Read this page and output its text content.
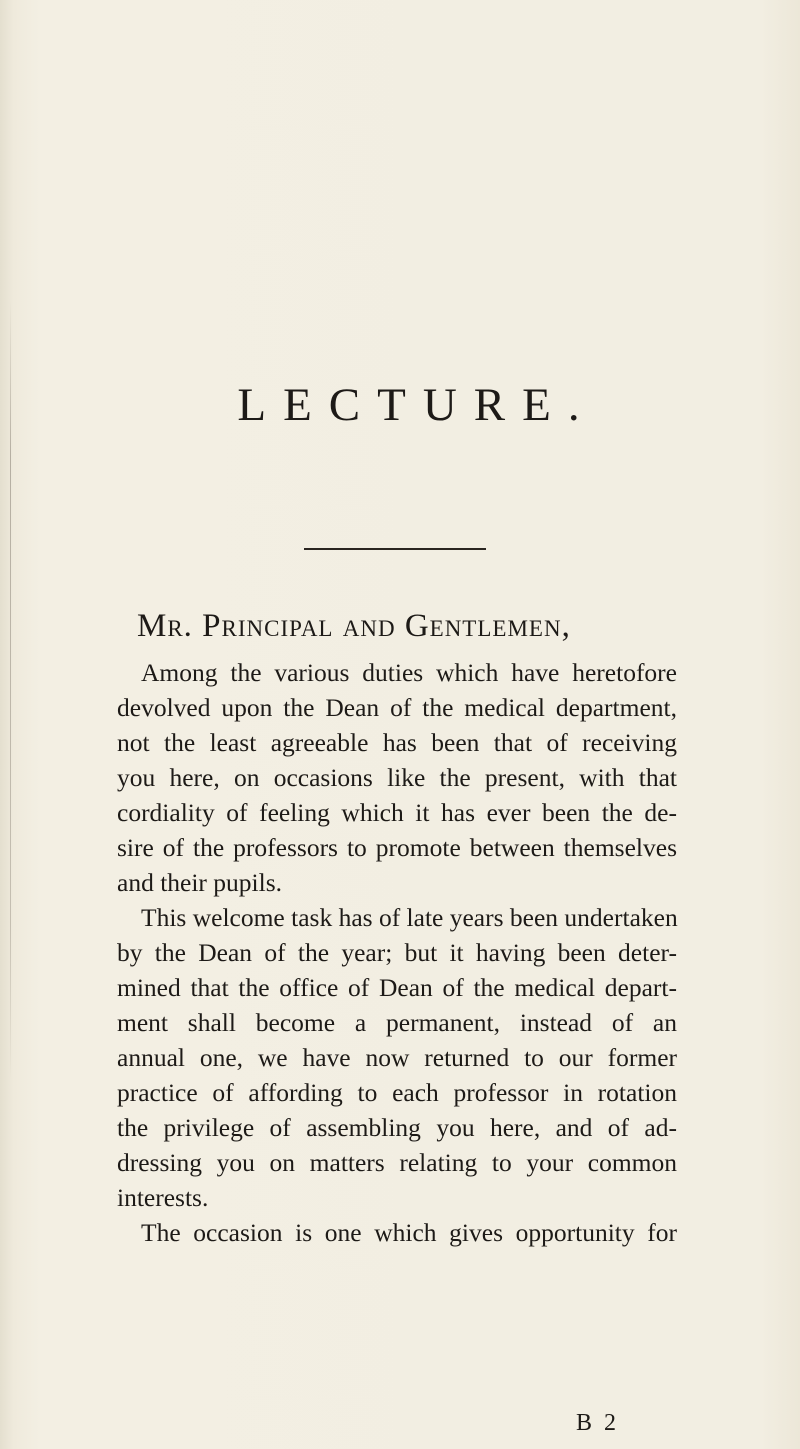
LECTURE.
Mr. Principal and Gentlemen,
Among the various duties which have heretofore
devolved upon the Dean of the medical department,
not the least agreeable has been that of receiving
you here, on occasions like the present, with that
cordiality of feeling which it has ever been the de-
sire of the professors to promote between themselves
and their pupils.
This welcome task has of late years been undertaken
by the Dean of the year; but it having been deter-
mined that the office of Dean of the medical depart-
ment shall become a permanent, instead of an
annual one, we have now returned to our former
practice of affording to each professor in rotation
the privilege of assembling you here, and of ad-
dressing you on matters relating to your common
interests.
The occasion is one which gives opportunity for
B 2
